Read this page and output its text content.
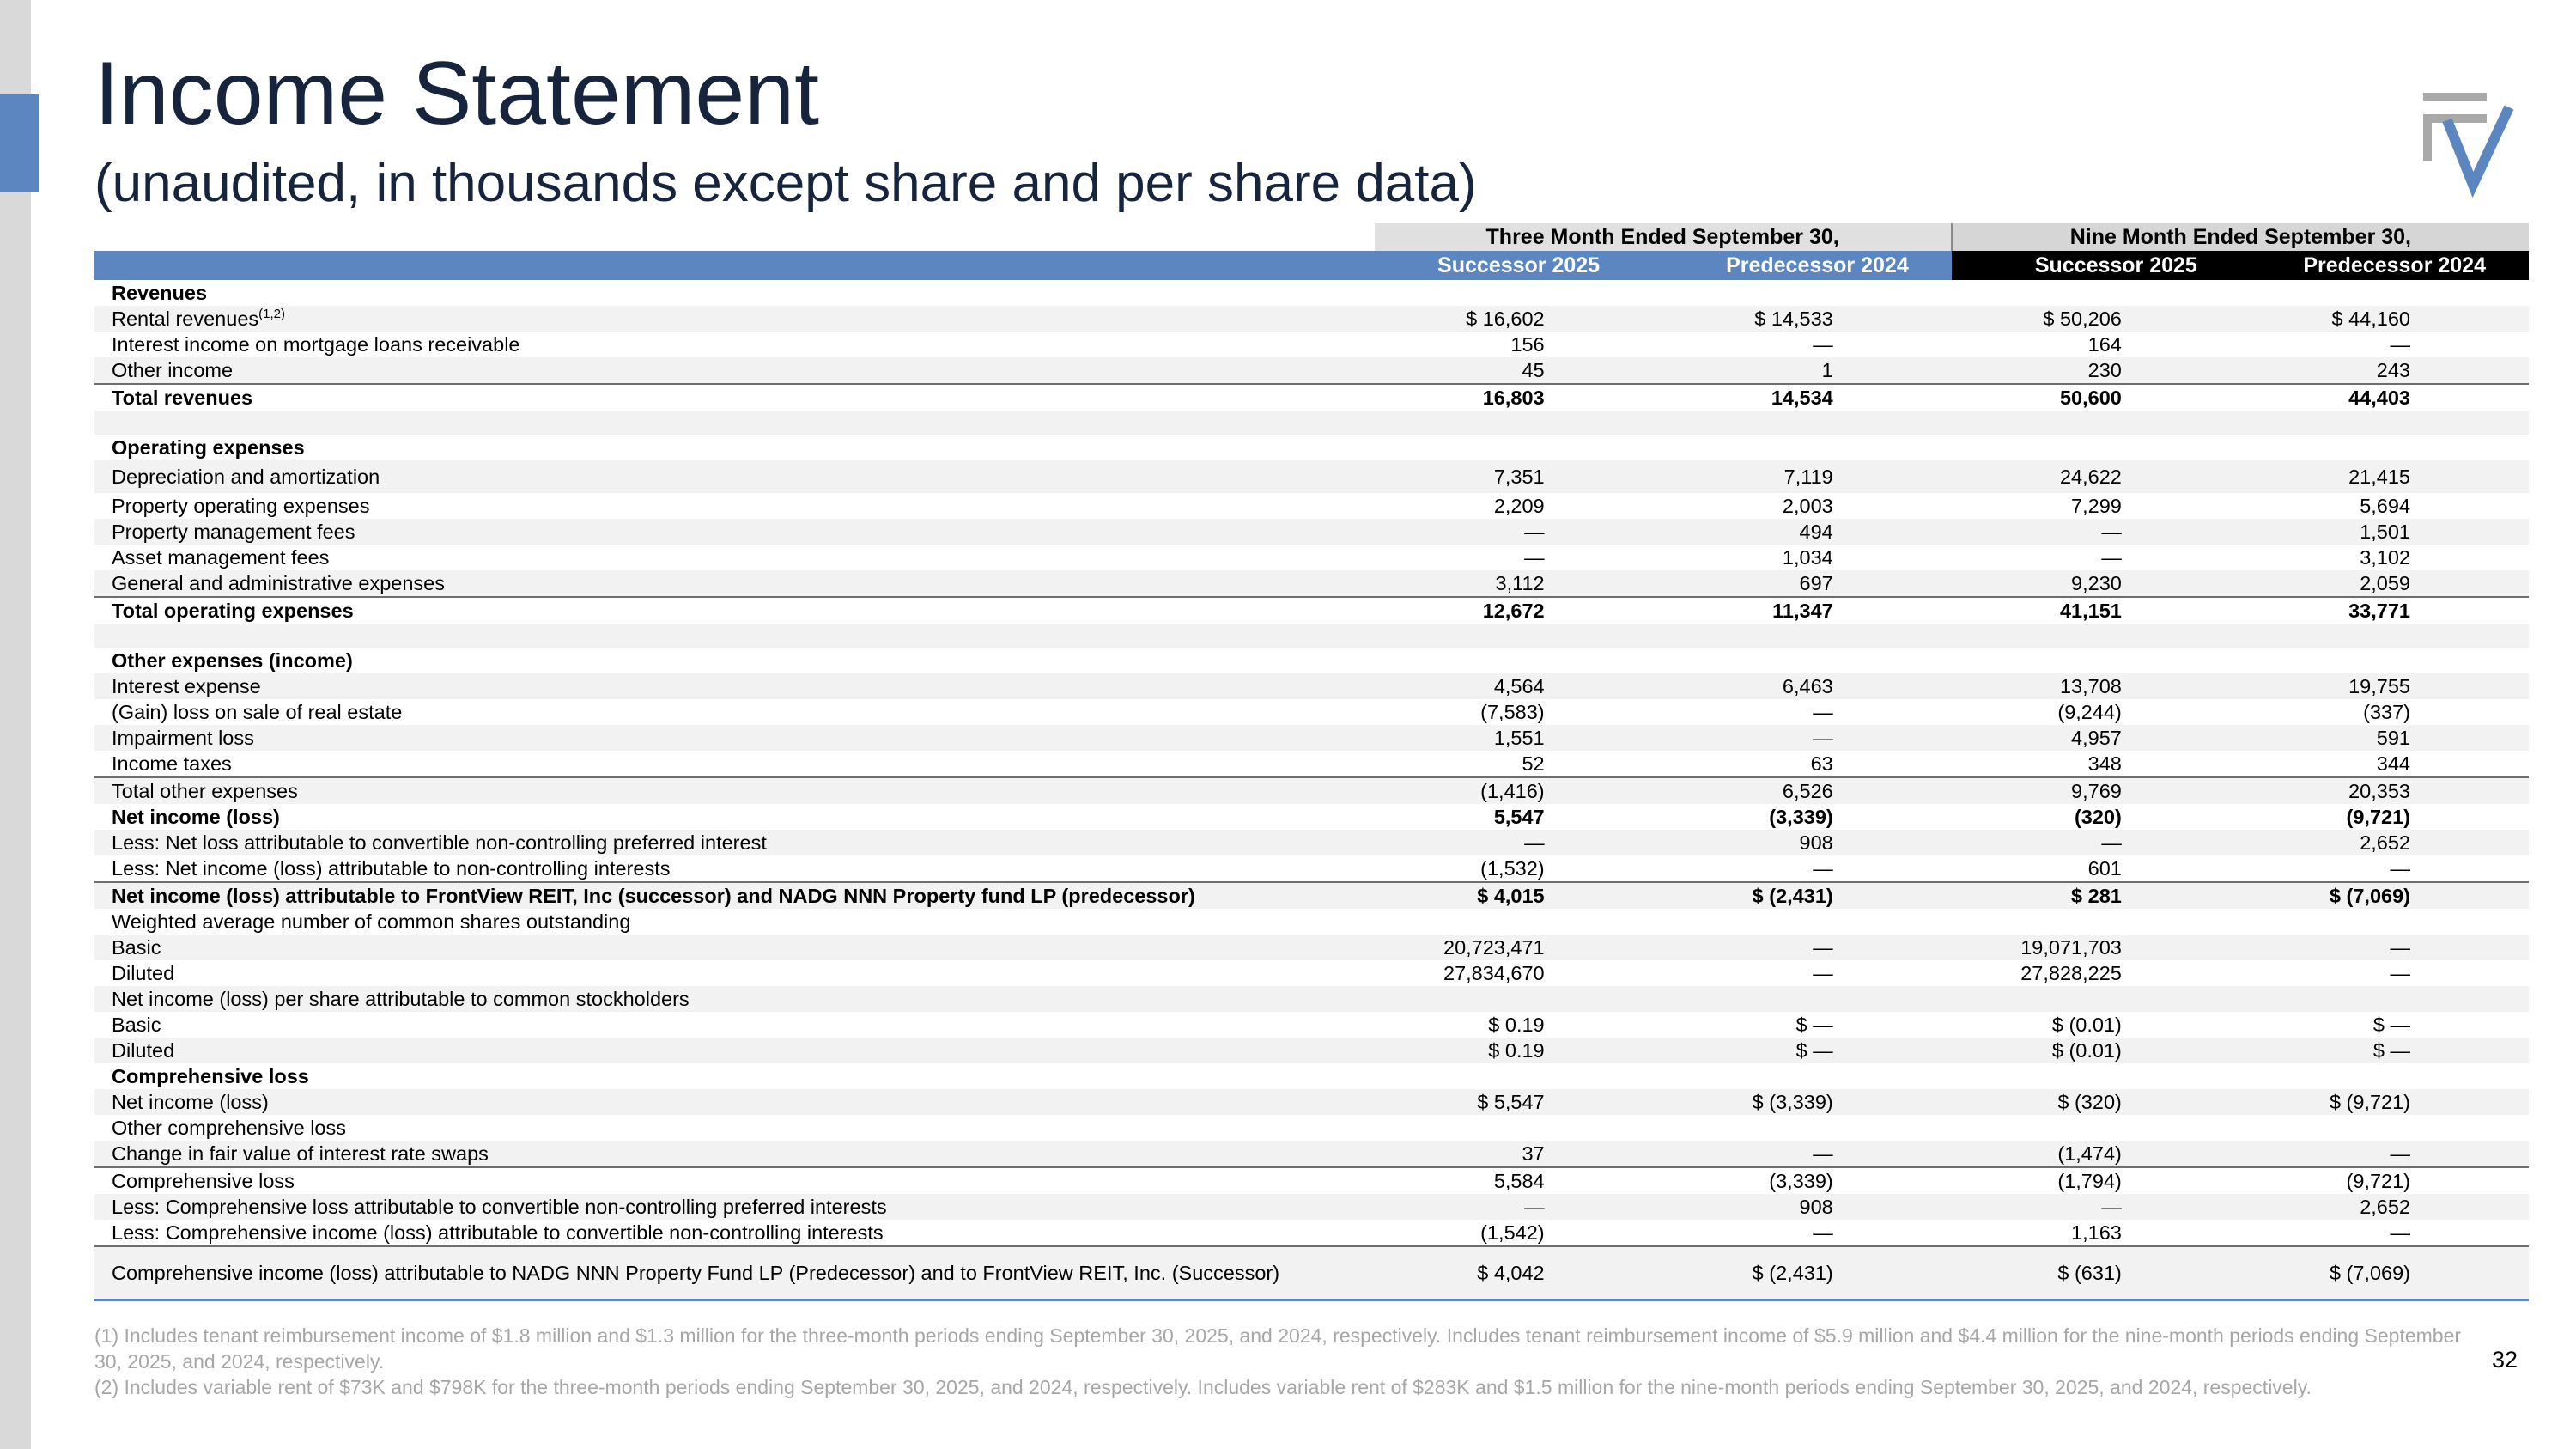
Income Statement
(unaudited, in thousands except share and per share data)
	Three Month Ended September 30,		Nine Month Ended September 30,	
	Successor 2025	Predecessor 2024	Successor 2025	Predecessor 2024
Revenues				
Rental revenues$^{(1,2)}$	$ 16,602	$ 14,533	$ 50,206	$ 44,160
Interest income on mortgage loans receivable	156	—	164	—
Other income	45	1	230	243
Total revenues	16,803	14,534	50,600	44,403

Operating expenses				
Depreciation and amortization	7,351	7,119	24,622	21,415
Property operating expenses	2,209	2,003	7,299	5,694
Property management fees	—	494	—	1,501
Asset management fees	—	1,034	—	3,102
General and administrative expenses	3,112	697	9,230	2,059
Total operating expenses	12,672	11,347	41,151	33,771

Other expenses (income)				
Interest expense	4,564	6,463	13,708	19,755
(Gain) loss on sale of real estate	(7,583)	—	(9,244)	(337)
Impairment loss	1,551	—	4,957	591
Income taxes	52	63	348	344
Total other expenses	(1,416)	6,526	9,769	20,353
Net income (loss)	5,547	(3,339)	(320)	(9,721)
Less: Net loss attributable to convertible non-controlling preferred interest	—	908	—	2,652
Less: Net income (loss) attributable to non-controlling interests	(1,532)	—	601	—
Net income (loss) attributable to FrontView REIT, Inc (successor) and NADG NNN Property fund LP (predecessor)	$ 4,015	$ (2,431)	$ 281	$ (7,069)
Weighted average number of common shares outstanding				
Basic	20,723,471	—	19,071,703	—
Diluted	27,834,670	—	27,828,225	—
Net income (loss) per share attributable to common stockholders				
Basic	$ 0.19	$ —	$ (0.01)	$ —
Diluted	$ 0.19	$ —	$ (0.01)	$ —
Comprehensive loss				
Net income (loss)	$ 5,547	$ (3,339)	$ (320)	$ (9,721)
Other comprehensive loss				
Change in fair value of interest rate swaps	37	—	(1,474)	—
Comprehensive loss	5,584	(3,339)	(1,794)	(9,721)
Less: Comprehensive loss attributable to convertible non-controlling preferred interests	—	908	—	2,652
Less: Comprehensive income (loss) attributable to convertible non-controlling interests	(1,542)	—	1,163	—
Comprehensive income (loss) attributable to NADG NNN Property Fund LP (Predecessor) and to FrontView REIT, Inc. (Successor)	$ 4,042	$ (2,431)	$ (631)	$ (7,069)
(1) Includes tenant reimbursement income of $1.8 million and $1.3 million for the three-month periods ending September 30, 2025, and 2024, respectively. Includes tenant reimbursement income of $5.9 million and $4.4 million for the nine-month periods ending September 30, 2025, and 2024, respectively.
(2) Includes variable rent of $73K and $798K for the three-month periods ending September 30, 2025, and 2024, respectively. Includes variable rent of $283K and $1.5 million for the nine-month periods ending September 30, 2025, and 2024, respectively.
32
